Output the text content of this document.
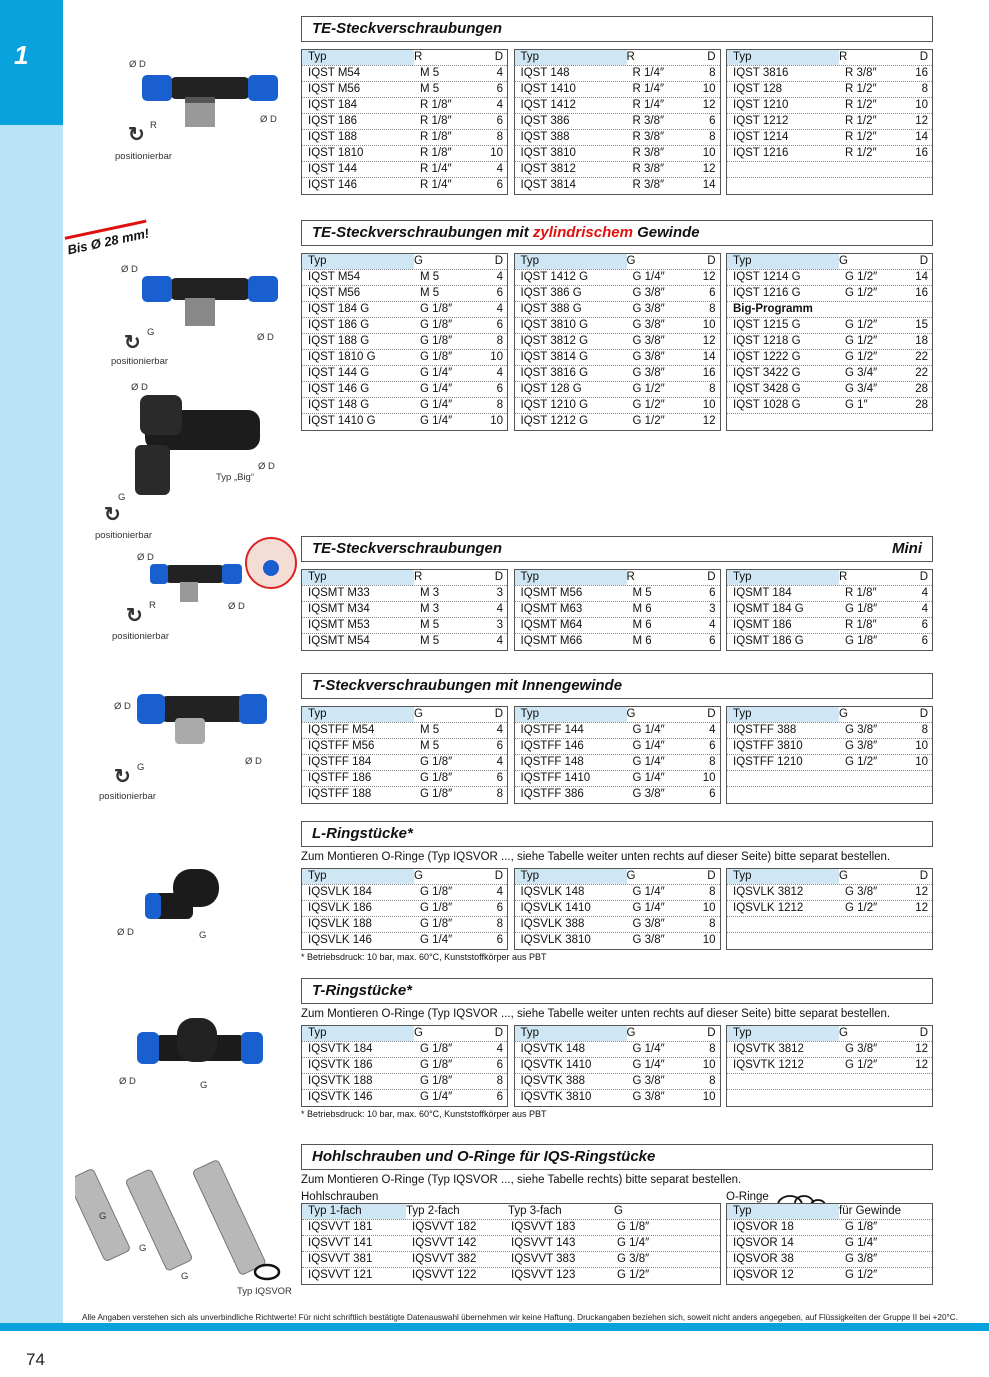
1	Ø D
Ø D
R
↻
positionierbar
Bis Ø 28 mm!
Ø D
Ø D
G
↻
positionierbar
Ø D
Ø D
Typ „Big“
G
↻
positionierbar
Ø D
Ø D
R
↻
positionierbar
Ø D
Ø D
G
↻
positionierbar
Ø D	G
Ø D	G
G
G
G
Typ IQSVOR
TE-Steckverschraubungen
Typ	R	D
IQST M54	M 5	4
IQST M56	M 5	6
IQST 184	R 1/8″	4
IQST 186	R 1/8″	6
IQST 188	R 1/8″	8
IQST 1810	R 1/8″	10
IQST 144	R 1/4″	4
IQST 146	R 1/4″	6
Typ	R	D
IQST 148	R 1/4″	8
IQST 1410	R 1/4″	10
IQST 1412	R 1/4″	12
IQST 386	R 3/8″	6
IQST 388	R 3/8″	8
IQST 3810	R 3/8″	10
IQST 3812	R 3/8″	12
IQST 3814	R 3/8″	14
Typ	R	D
IQST 3816	R 3/8″	16
IQST 128	R 1/2″	8
IQST 1210	R 1/2″	10
IQST 1212	R 1/2″	12
IQST 1214	R 1/2″	14
IQST 1216	R 1/2″	16
TE-Steckverschraubungen mit zylindrischem Gewinde
Typ	G	D
IQST M54	M 5	4
IQST M56	M 5	6
IQST 184 G	G 1/8″	4
IQST 186 G	G 1/8″	6
IQST 188 G	G 1/8″	8
IQST 1810 G	G 1/8″	10
IQST 144 G	G 1/4″	4
IQST 146 G	G 1/4″	6
IQST 148 G	G 1/4″	8
IQST 1410 G	G 1/4″	10
Typ	G	D
IQST 1412 G	G 1/4″	12
IQST 386 G	G 3/8″	6
IQST 388 G	G 3/8″	8
IQST 3810 G	G 3/8″	10
IQST 3812 G	G 3/8″	12
IQST 3814 G	G 3/8″	14
IQST 3816 G	G 3/8″	16
IQST 128 G	G 1/2″	8
IQST 1210 G	G 1/2″	10
IQST 1212 G	G 1/2″	12
Typ	G	D
IQST 1214 G	G 1/2″	14
IQST 1216 G	G 1/2″	16
Big-Programm
IQST 1215 G	G 1/2″	15
IQST 1218 G	G 1/2″	18
IQST 1222 G	G 1/2″	22
IQST 3422 G	G 3/4″	22
IQST 3428 G	G 3/4″	28
IQST 1028 G	G 1″	28
TE-Steckverschraubungen	Mini
Typ	R	D
IQSMT M33	M 3	3
IQSMT M34	M 3	4
IQSMT M53	M 5	3
IQSMT M54	M 5	4
Typ	R	D
IQSMT M56	M 5	6
IQSMT M63	M 6	3
IQSMT M64	M 6	4
IQSMT M66	M 6	6
Typ	R	D
IQSMT 184	R 1/8″	4
IQSMT 184 G	G 1/8″	4
IQSMT 186	R 1/8″	6
IQSMT 186 G	G 1/8″	6
T-Steckverschraubungen mit Innengewinde
Typ	G	D
IQSTFF M54	M 5	4
IQSTFF M56	M 5	6
IQSTFF 184	G 1/8″	4
IQSTFF 186	G 1/8″	6
IQSTFF 188	G 1/8″	8
Typ	G	D
IQSTFF 144	G 1/4″	4
IQSTFF 146	G 1/4″	6
IQSTFF 148	G 1/4″	8
IQSTFF 1410	G 1/4″	10
IQSTFF 386	G 3/8″	6
Typ	G	D
IQSTFF 388	G 3/8″	8
IQSTFF 3810	G 3/8″	10
IQSTFF 1210	G 1/2″	10
L-Ringstücke*
Zum Montieren O-Ringe (Typ IQSVOR ..., siehe Tabelle weiter unten rechts auf dieser Seite) bitte separat bestellen.
Typ	G	D
IQSVLK 184	G 1/8″	4
IQSVLK 186	G 1/8″	6
IQSVLK 188	G 1/8″	8
IQSVLK 146	G 1/4″	6
Typ	G	D
IQSVLK 148	G 1/4″	8
IQSVLK 1410	G 1/4″	10
IQSVLK 388	G 3/8″	8
IQSVLK 3810	G 3/8″	10
Typ	G	D
IQSVLK 3812	G 3/8″	12
IQSVLK 1212	G 1/2″	12
* Betriebsdruck: 10 bar, max. 60°C, Kunststoffkörper aus PBT
T-Ringstücke*
Zum Montieren O-Ringe (Typ IQSVOR ..., siehe Tabelle weiter unten rechts auf dieser Seite) bitte separat bestellen.
Typ	G	D
IQSVTK 184	G 1/8″	4
IQSVTK 186	G 1/8″	6
IQSVTK 188	G 1/8″	8
IQSVTK 146	G 1/4″	6
Typ	G	D
IQSVTK 148	G 1/4″	8
IQSVTK 1410	G 1/4″	10
IQSVTK 388	G 3/8″	8
IQSVTK 3810	G 3/8″	10
Typ	G	D
IQSVTK 3812	G 3/8″	12
IQSVTK 1212	G 1/2″	12
* Betriebsdruck: 10 bar, max. 60°C, Kunststoffkörper aus PBT
Hohlschrauben und O-Ringe für IQS-Ringstücke
Zum Montieren O-Ringe (Typ IQSVOR ..., siehe Tabelle rechts) bitte separat bestellen.
Hohlschrauben
Typ 1-fach	Typ 2-fach	Typ 3-fach	G
IQSVVT 181	IQSVVT 182	IQSVVT 183	G 1/8″
IQSVVT 141	IQSVVT 142	IQSVVT 143	G 1/4″
IQSVVT 381	IQSVVT 382	IQSVVT 383	G 3/8″
IQSVVT 121	IQSVVT 122	IQSVVT 123	G 1/2″
O-Ringe
Typ	für Gewinde
IQSVOR 18	G 1/8″
IQSVOR 14	G 1/4″
IQSVOR 38	G 3/8″
IQSVOR 12	G 1/2″
Alle Angaben verstehen sich als unverbindliche Richtwerte! Für nicht schriftlich bestätigte Datenauswahl übernehmen wir keine Haftung. Druckangaben beziehen sich, soweit nicht anders angegeben, auf Flüssigkeiten der Gruppe II bei +20°C.
74
